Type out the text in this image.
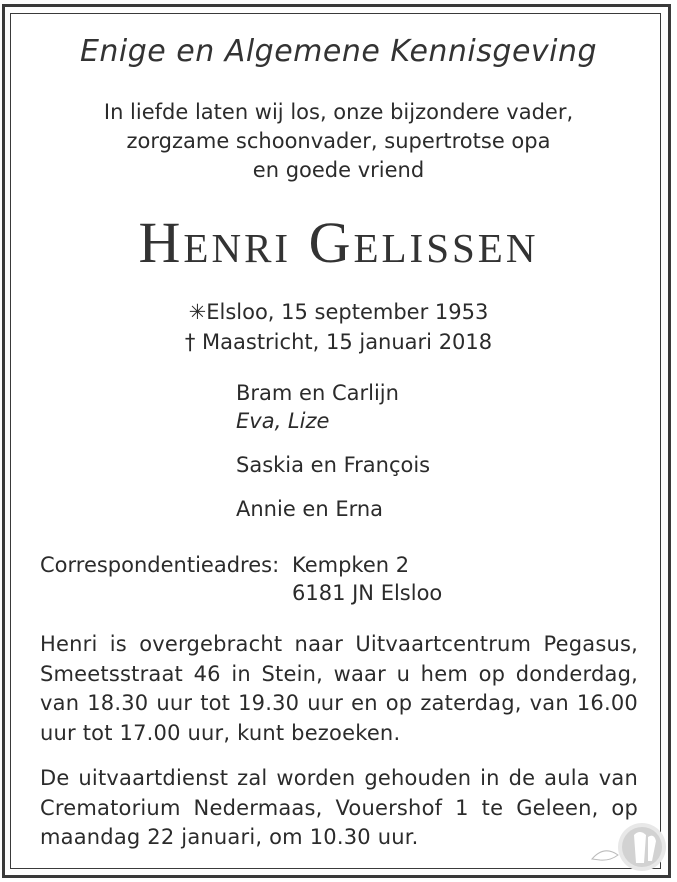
Enige en Algemene Kennisgeving
In liefde laten wij los, onze bijzondere vader,
zorgzame schoonvader, supertrotse opa
en goede vriend
Henri Gelissen
✳Elsloo, 15 september 1953
† Maastricht, 15 januari 2018
Bram en Carlijn
Eva, Lize
Saskia en François
Annie en Erna
Correspondentieadres: Kempken 2
6181 JN Elsloo
Henri is overgebracht naar Uitvaartcentrum Pegasus, Smeetsstraat 46 in Stein, waar u hem op donderdag, van 18.30 uur tot 19.30 uur en op zaterdag, van 16.00 uur tot 17.00 uur, kunt bezoeken.
De uitvaartdienst zal worden gehouden in de aula van Crematorium Nedermaas, Vouershof 1 te Geleen, op maandag 22 januari, om 10.30 uur.
